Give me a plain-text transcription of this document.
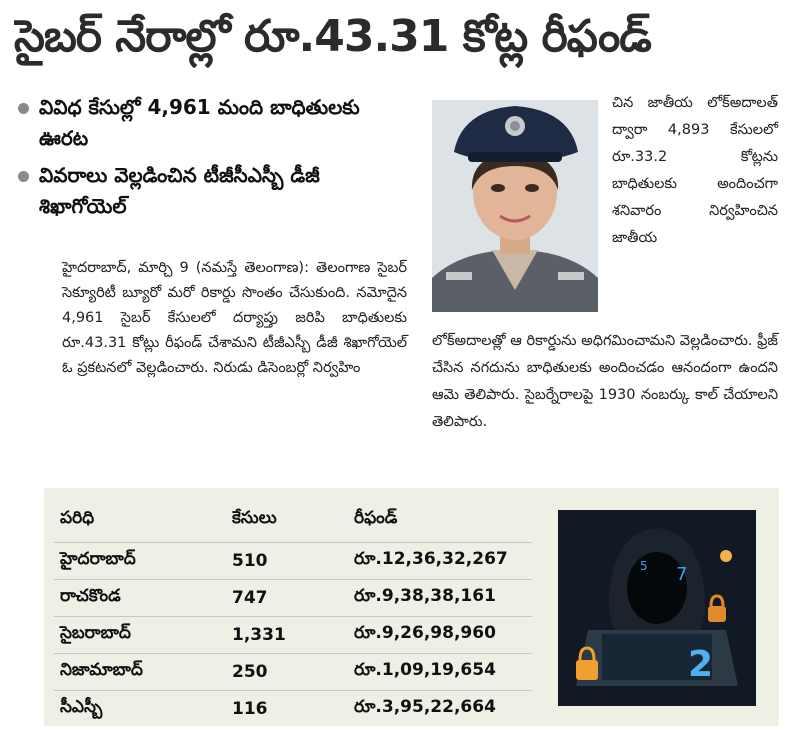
సైబర్ నేరాల్లో రూ.43.31 కోట్ల రీఫండ్
వివిధ కేసుల్లో 4,961 మంది బాధితులకు ఊరట
వివరాలు వెల్లడించిన టీజీసీఎస్బీ డీజీ శిఖాగోయెల్
హైదరాబాద్, మార్చి 9 (నమస్తే తెలంగాణ): తెలంగాణ సైబర్ సెక్యూరిటీ బ్యూరో మరో రికార్డు సొంతం చేసుకుంది. నమోదైన 4,961 సైబర్ కేసులలో దర్యాప్తు జరిపి బాధితులకు రూ.43.31 కోట్లు రీఫండ్ చేశామని టీజీఎస్బీ డీజీ శిఖాగోయెల్ ఓ ప్రకటనలో వెల్లడించారు. నిరుడు డిసెంబర్లో నిర్వహిం
చిన జాతీయ లోక్అదాలత్ ద్వారా 4,893 కేసులలో రూ.33.2 కోట్లను బాధితులకు అందించగా శనివారం నిర్వహించిన జాతీయ
లోక్అదాలత్లో ఆ రికార్డును అధిగమించామని వెల్లడించారు. ఫ్రీజ్ చేసిన నగదును బాధితులకు అందించడం ఆనందంగా ఉందని ఆమె తెలిపారు. సైబర్నేరాలపై 1930 నంబర్కు కాల్ చేయాలని తెలిపారు.
పరిధి	కేసులు	రీఫండ్
హైదరాబాద్	510	రూ.12,36,32,267
రాచకొండ	747	రూ.9,38,38,161
సైబరాబాద్	1,331	రూ.9,26,98,960
నిజామాబాద్	250	రూ.1,09,19,654
సీఎస్బీ	116	రూ.3,95,22,664
7
5
2
